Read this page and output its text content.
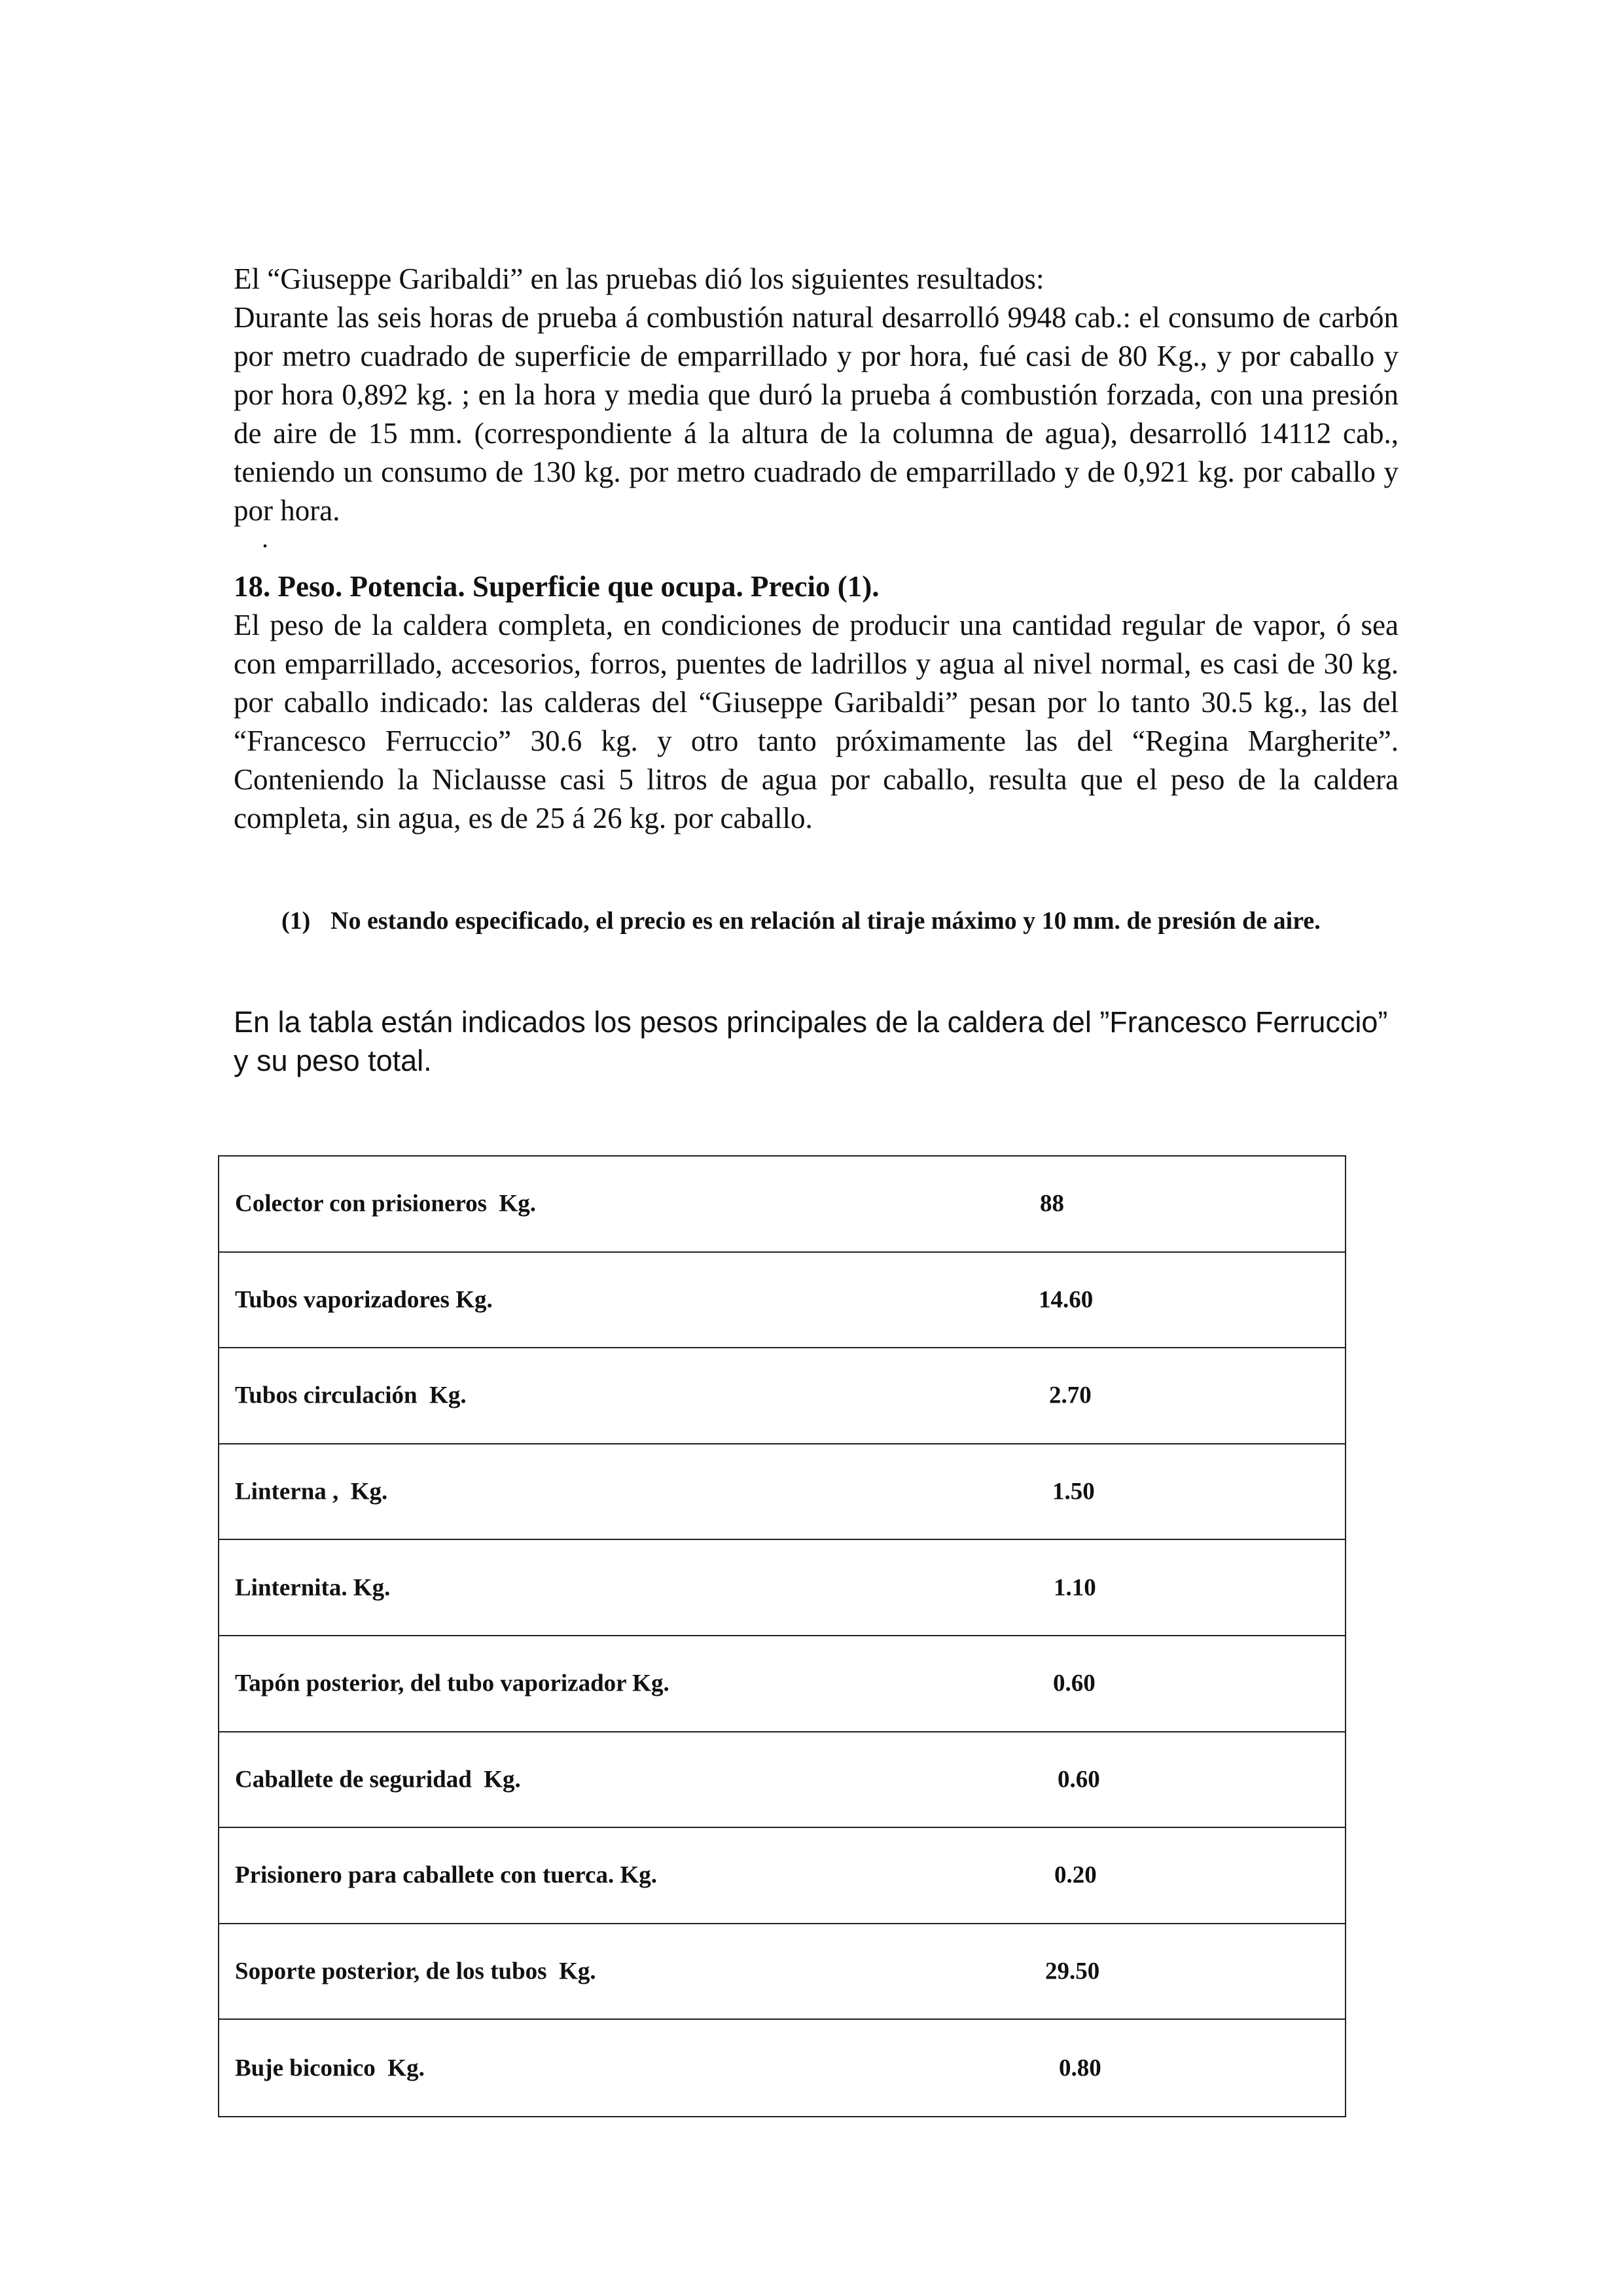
El “Giuseppe Garibaldi” en las pruebas dió los siguientes resultados:

Durante las seis horas de prueba á combustión natural desarrolló 9948 cab.: el consumo de carbón por metro cuadrado de superficie de emparrillado y por hora, fué casi de 80 Kg., y por caballo y por hora 0,892 kg. ; en la hora y media que duró la prueba á combustión forzada, con una presión de aire de 15 mm. (correspondiente á la altura de la columna de agua), desarrolló 14112 cab., teniendo un consumo de 130 kg. por metro cuadrado de emparrillado y de 0,921 kg. por caballo y por hora.

.
18. Peso. Potencia. Superficie que ocupa. Precio (1).

El peso de la caldera completa, en condiciones de producir una cantidad regular de vapor, ó sea con emparrillado, accesorios, forros, puentes de ladrillos y agua al nivel normal, es casi de 30 kg. por caballo indicado: las calderas del “Giuseppe Garibaldi” pesan por lo tanto 30.5 kg., las del “Francesco Ferruccio” 30.6 kg. y otro tanto próximamente las del “Regina Margherite”. Conteniendo la Niclausse casi 5 litros de agua por caballo, resulta que el peso de la caldera completa, sin agua, es de 25 á 26 kg. por caballo.

(1) No estando especificado, el precio es en relación al tiraje máximo y 10 mm. de presión de aire.

En la tabla están indicados los pesos principales de la caldera del ”Francesco Ferruccio” y su peso total.

Colector con prisioneros  Kg.	88
Tubos vaporizadores Kg.	14.60
Tubos circulación  Kg.	2.70
Linterna ,  Kg.	1.50
Linternita. Kg.	1.10
Tapón posterior, del tubo vaporizador Kg.	0.60
Caballete de seguridad  Kg.	0.60
Prisionero para caballete con tuerca. Kg.	0.20
Soporte posterior, de los tubos  Kg.	29.50
Buje biconico  Kg.	0.80
